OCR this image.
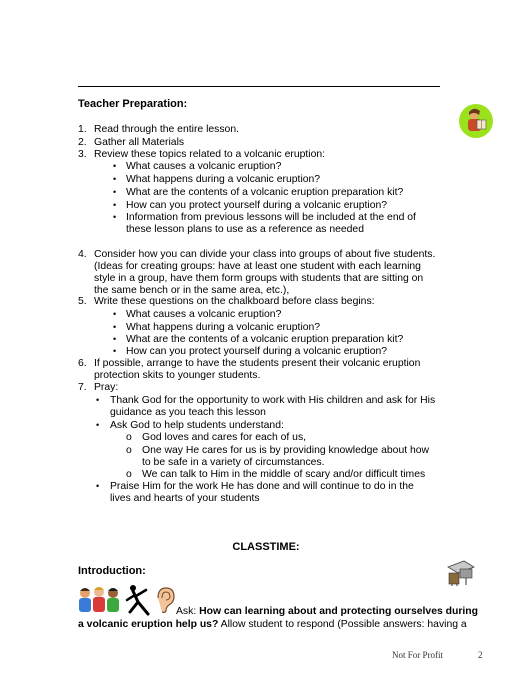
Teacher Preparation:
1. Read through the entire lesson.
2. Gather all Materials
3. Review these topics related to a volcanic eruption:
• What causes a volcanic eruption?
• What happens during a volcanic eruption?
• What are the contents of a volcanic eruption preparation kit?
• How can you protect yourself during a volcanic eruption?
• Information from previous lessons will be included at the end of
these lesson plans to use as a reference as needed
4. Consider how you can divide your class into groups of about five students.
(Ideas for creating groups: have at least one student with each learning
style in a group, have them form groups with students that are sitting on
the same bench or in the same area, etc.),
5. Write these questions on the chalkboard before class begins:
• What causes a volcanic eruption?
• What happens during a volcanic eruption?
• What are the contents of a volcanic eruption preparation kit?
• How can you protect yourself during a volcanic eruption?
6. If possible, arrange to have the students present their volcanic eruption
protection skits to younger students.
7. Pray:
• Thank God for the opportunity to work with His children and ask for His
guidance as you teach this lesson
• Ask God to help students understand:
o God loves and cares for each of us,
o One way He cares for us is by providing knowledge about how
to be safe in a variety of circumstances.
o We can talk to Him in the middle of scary and/or difficult times
• Praise Him for the work He has done and will continue to do in the
lives and hearts of your students
CLASSTIME:
Introduction:
Ask: How can learning about and protecting ourselves during
a volcanic eruption help us? Allow student to respond (Possible answers: having a
Not For Profit	2
